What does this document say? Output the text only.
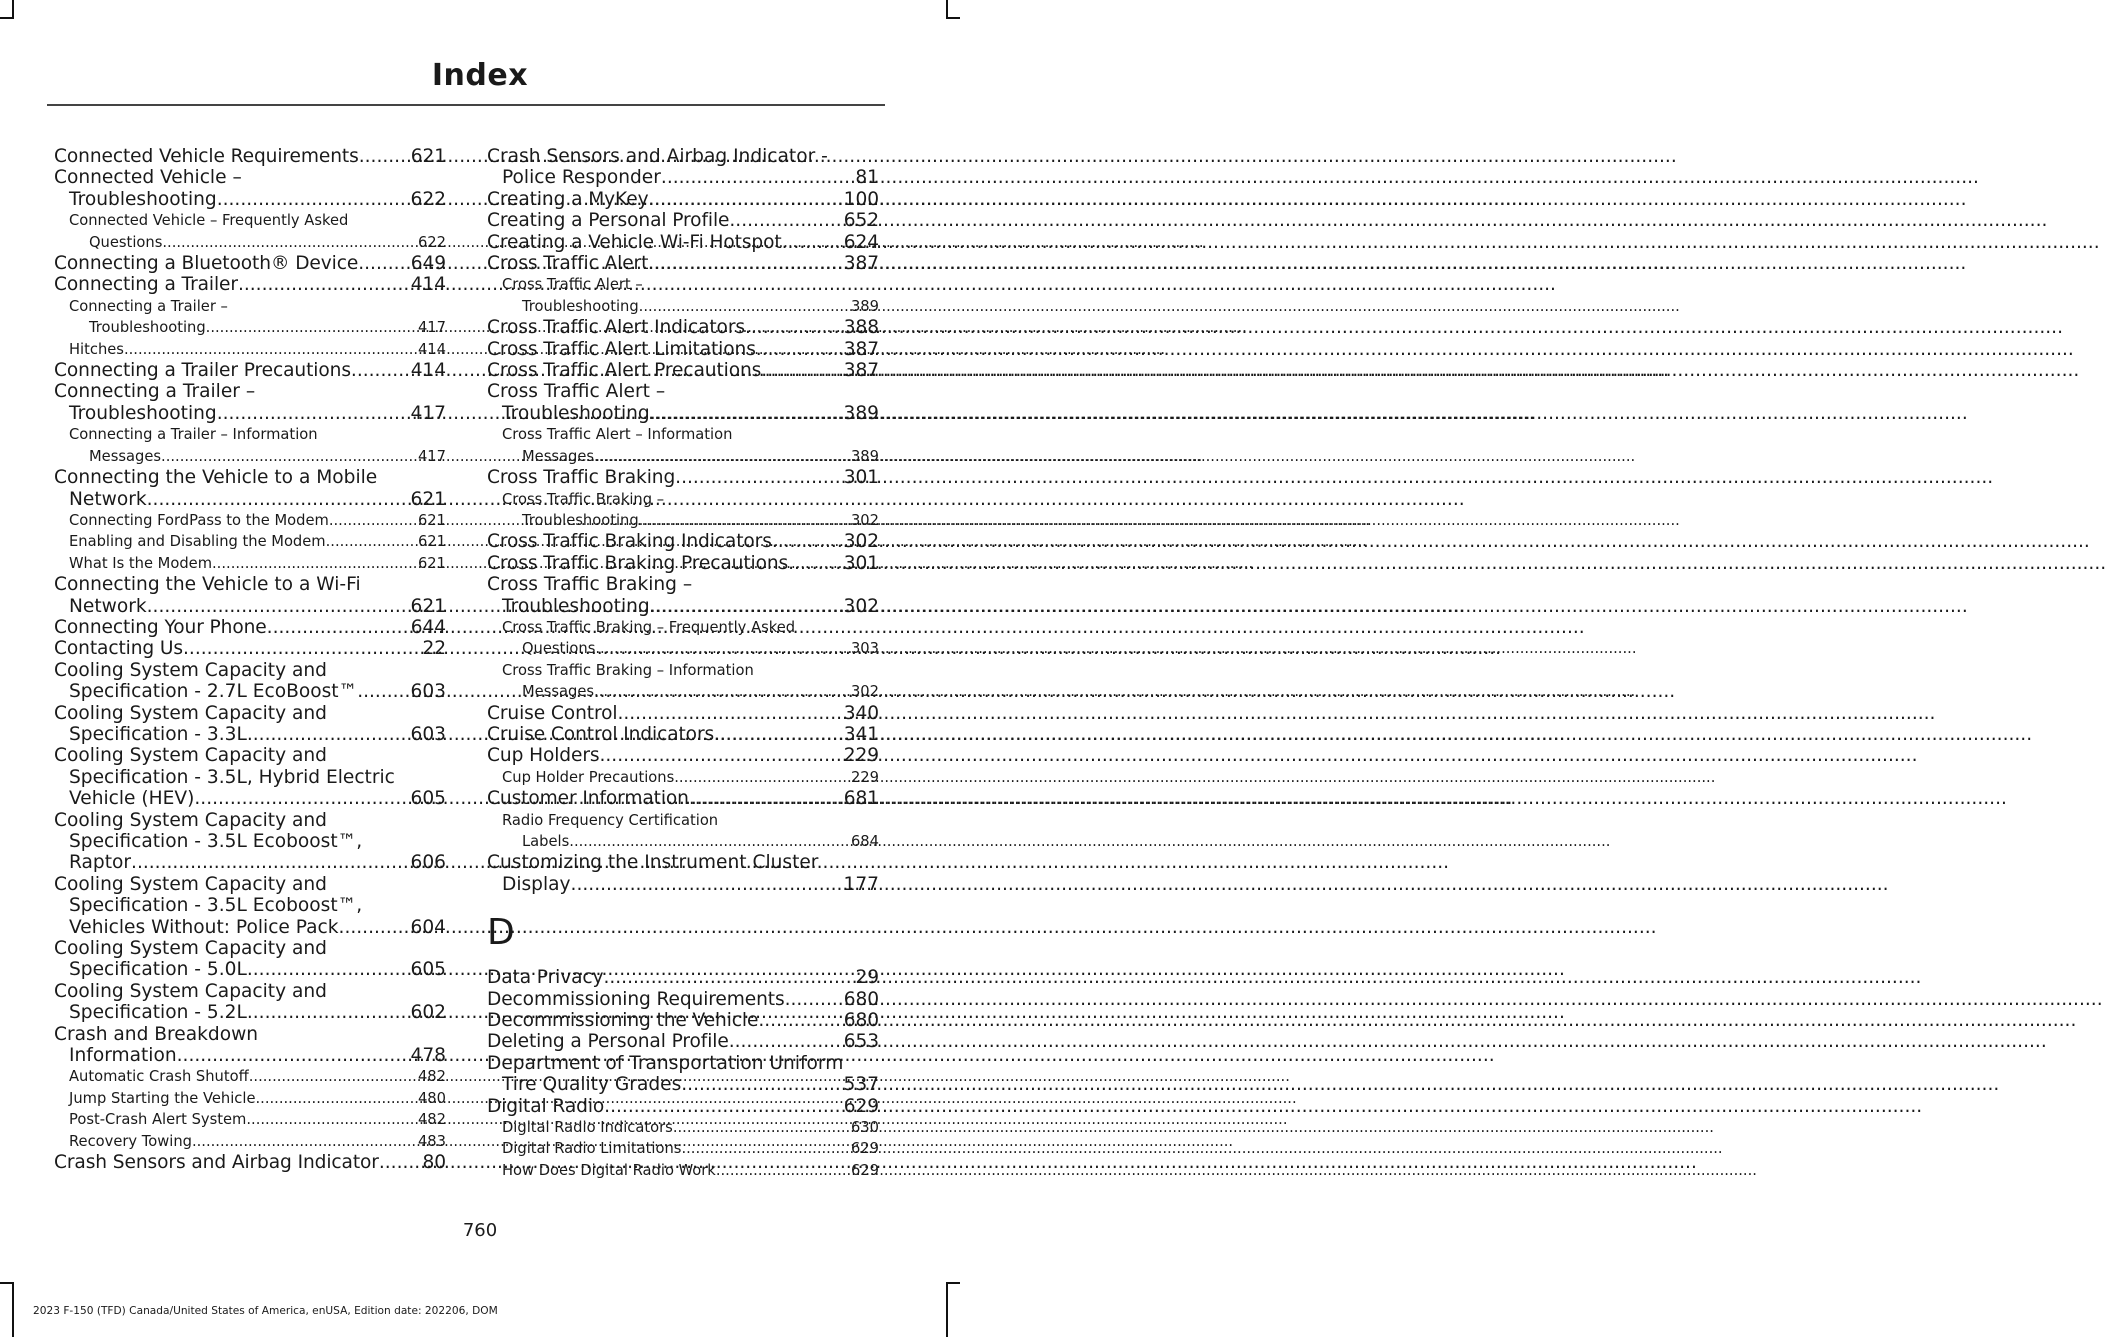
Index
Connected Vehicle Requirements .....	621
Connected Vehicle –
Troubleshooting .....	622
Connected Vehicle – Frequently Asked
Questions .....	622
Connecting a Bluetooth® Device .....	649
Connecting a Trailer .....	414
Connecting a Trailer –
Troubleshooting .....	417
Hitches .....	414
Connecting a Trailer Precautions .....	414
Connecting a Trailer –
Troubleshooting .....	417
Connecting a Trailer – Information
Messages .....	417
Connecting the Vehicle to a Mobile
Network .....	621
Connecting FordPass to the Modem .....	621
Enabling and Disabling the Modem .....	621
What Is the Modem .....	621
Connecting the Vehicle to a Wi-Fi
Network .....	621
Connecting Your Phone .....	644
Contacting Us .....	22
Cooling System Capacity and
Specification - 2.7L EcoBoost™ .....	603
Cooling System Capacity and
Specification - 3.3L .....	603
Cooling System Capacity and
Specification - 3.5L, Hybrid Electric
Vehicle (HEV) .....	605
Cooling System Capacity and
Specification - 3.5L Ecoboost™,
Raptor .....	606
Cooling System Capacity and
Specification - 3.5L Ecoboost™,
Vehicles Without: Police Pack .....	604
Cooling System Capacity and
Specification - 5.0L .....	605
Cooling System Capacity and
Specification - 5.2L .....	602
Crash and Breakdown
Information .....	478
Automatic Crash Shutoff .....	482
Jump Starting the Vehicle .....	480
Post-Crash Alert System .....	482
Recovery Towing .....	483
Crash Sensors and Airbag Indicator ..... 80
Crash Sensors and Airbag Indicator -
Police Responder .....	81
Creating a MyKey .....	100
Creating a Personal Profile .....	652
Creating a Vehicle Wi-Fi Hotspot .....	624
Cross Traffic Alert .....	387
Cross Traffic Alert –
Troubleshooting .....	389
Cross Traffic Alert Indicators .....	388
Cross Traffic Alert Limitations .....	387
Cross Traffic Alert Precautions .....	387
Cross Traffic Alert –
Troubleshooting .....	389
Cross Traffic Alert – Information
Messages .....	389
Cross Traffic Braking .....	301
Cross Traffic Braking –
Troubleshooting .....	302
Cross Traffic Braking Indicators .....	302
Cross Traffic Braking Precautions .....	301
Cross Traffic Braking –
Troubleshooting .....	302
Cross Traffic Braking – Frequently Asked
Questions .....	303
Cross Traffic Braking – Information
Messages .....	302
Cruise Control .....	340
Cruise Control Indicators .....	341
Cup Holders .....	229
Cup Holder Precautions .....	229
Customer Information .....	681
Radio Frequency Certification
Labels .....	684
Customizing the Instrument Cluster
Display .....	177
D
Data Privacy .....	29
Decommissioning Requirements .....	680
Decommissioning the Vehicle .....	680
Deleting a Personal Profile .....	653
Department of Transportation Uniform
Tire Quality Grades .....	537
Digital Radio .....	629
Digital Radio Indicators .....	630
Digital Radio Limitations .....	629
How Does Digital Radio Work .....	629
760
2023 F-150 (TFD) Canada/United States of America, enUSA, Edition date: 202206, DOM
